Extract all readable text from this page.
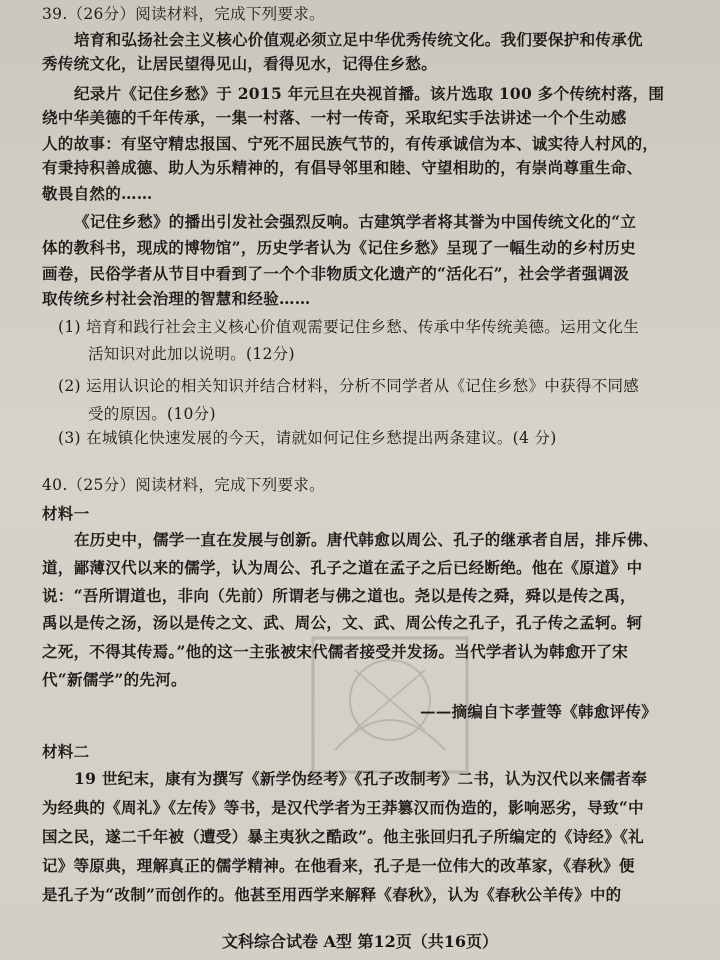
39.（26分）阅读材料，完成下列要求。
培育和弘扬社会主义核心价值观必须立足中华优秀传统文化。我们要保护和传承优
秀传统文化，让居民望得见山，看得见水，记得住乡愁。
纪录片《记住乡愁》于 2015 年元旦在央视首播。该片选取 100 多个传统村落，围
绕中华美德的千年传承，一集一村落、一村一传奇，采取纪实手法讲述一个个生动感
人的故事：有坚守精忠报国、宁死不屈民族气节的，有传承诚信为本、诚实待人村风的，
有秉持积善成德、助人为乐精神的，有倡导邻里和睦、守望相助的，有崇尚尊重生命、
敬畏自然的……
《记住乡愁》的播出引发社会强烈反响。古建筑学者将其誉为中国传统文化的“立
体的教科书，现成的博物馆”，历史学者认为《记住乡愁》呈现了一幅生动的乡村历史
画卷，民俗学者从节目中看到了一个个非物质文化遗产的“活化石”，社会学者强调汲
取传统乡村社会治理的智慧和经验……
(1) 培育和践行社会主义核心价值观需要记住乡愁、传承中华传统美德。运用文化生
活知识对此加以说明。(12分)
(2) 运用认识论的相关知识并结合材料，分析不同学者从《记住乡愁》中获得不同感
受的原因。(10分)
(3) 在城镇化快速发展的今天，请就如何记住乡愁提出两条建议。(4 分)
40.（25分）阅读材料，完成下列要求。
材料一
在历史中，儒学一直在发展与创新。唐代韩愈以周公、孔子的继承者自居，排斥佛、
道，鄙薄汉代以来的儒学，认为周公、孔子之道在孟子之后已经断绝。他在《原道》中
说：“吾所谓道也，非向（先前）所谓老与佛之道也。尧以是传之舜，舜以是传之禹，
禹以是传之汤，汤以是传之文、武、周公，文、武、周公传之孔子，孔子传之孟轲。轲
之死，不得其传焉。”他的这一主张被宋代儒者接受并发扬。当代学者认为韩愈开了宋
代“新儒学”的先河。
——摘编自卞孝萱等《韩愈评传》
材料二
19 世纪末，康有为撰写《新学伪经考》《孔子改制考》二书，认为汉代以来儒者奉
为经典的《周礼》《左传》等书，是汉代学者为王莽篡汉而伪造的，影响恶劣，导致“中
国之民，遂二千年被（遭受）暴主夷狄之酷政”。他主张回归孔子所编定的《诗经》《礼
记》等原典，理解真正的儒学精神。在他看来，孔子是一位伟大的改革家，《春秋》便
是孔子为“改制”而创作的。他甚至用西学来解释《春秋》，认为《春秋公羊传》中的
文科综合试卷 A型 第12页（共16页）
